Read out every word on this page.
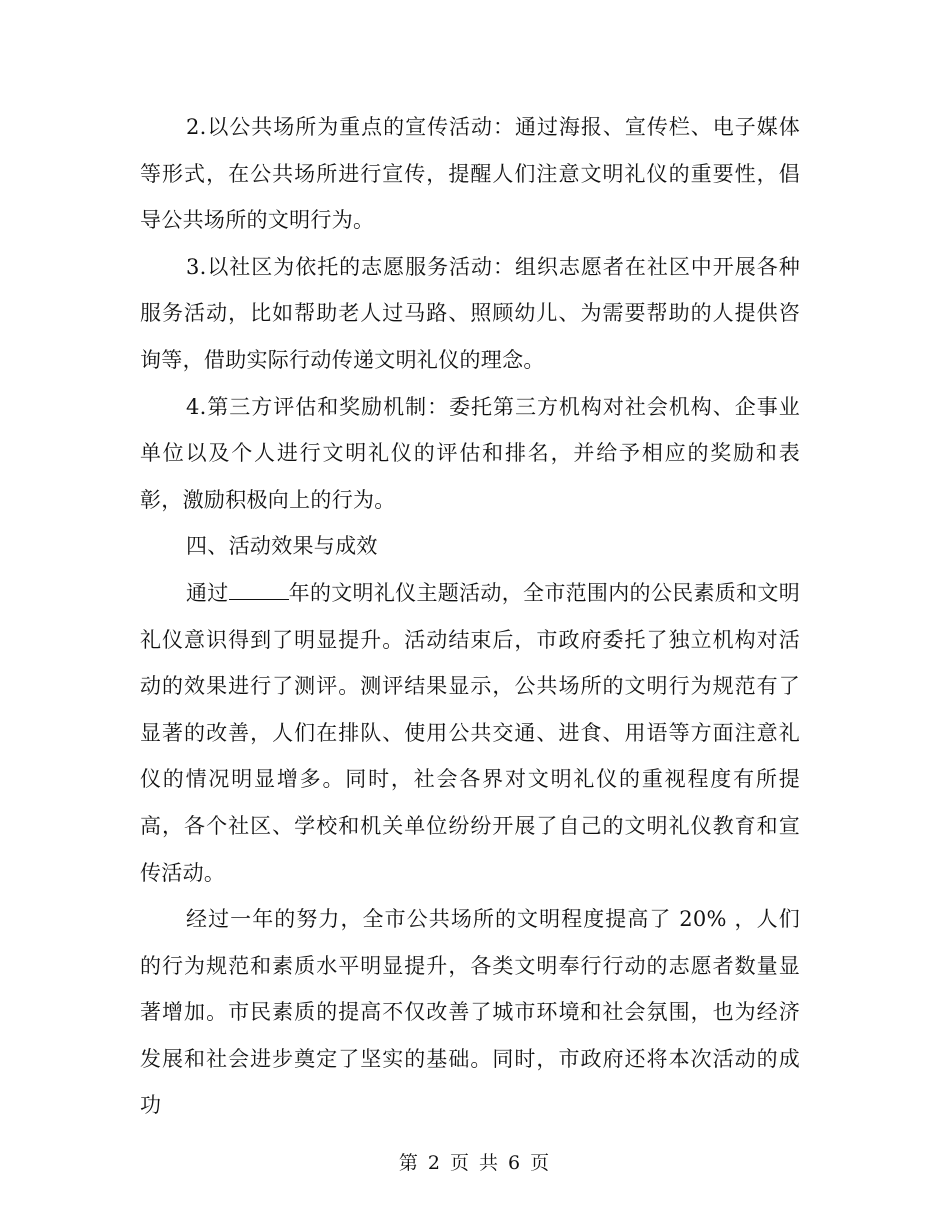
2.以公共场所为重点的宣传活动：通过海报、宣传栏、电子媒体等形式，在公共场所进行宣传，提醒人们注意文明礼仪的重要性，倡导公共场所的文明行为。

3.以社区为依托的志愿服务活动：组织志愿者在社区中开展各种服务活动，比如帮助老人过马路、照顾幼儿、为需要帮助的人提供咨询等，借助实际行动传递文明礼仪的理念。

4.第三方评估和奖励机制：委托第三方机构对社会机构、企事业单位以及个人进行文明礼仪的评估和排名，并给予相应的奖励和表彰，激励积极向上的行为。

四、活动效果与成效

通过	年的文明礼仪主题活动，全市范围内的公民素质和文明礼仪意识得到了明显提升。活动结束后，市政府委托了独立机构对活动的效果进行了测评。测评结果显示，公共场所的文明行为规范有了显著的改善，人们在排队、使用公共交通、进食、用语等方面注意礼仪的情况明显增多。同时，社会各界对文明礼仪的重视程度有所提高，各个社区、学校和机关单位纷纷开展了自己的文明礼仪教育和宣传活动。

经过一年的努力，全市公共场所的文明程度提高了 20% ，人们的行为规范和素质水平明显提升，各类文明奉行行动的志愿者数量显著增加。市民素质的提高不仅改善了城市环境和社会氛围，也为经济发展和社会进步奠定了坚实的基础。同时，市政府还将本次活动的成功

第 2 页 共 6 页
